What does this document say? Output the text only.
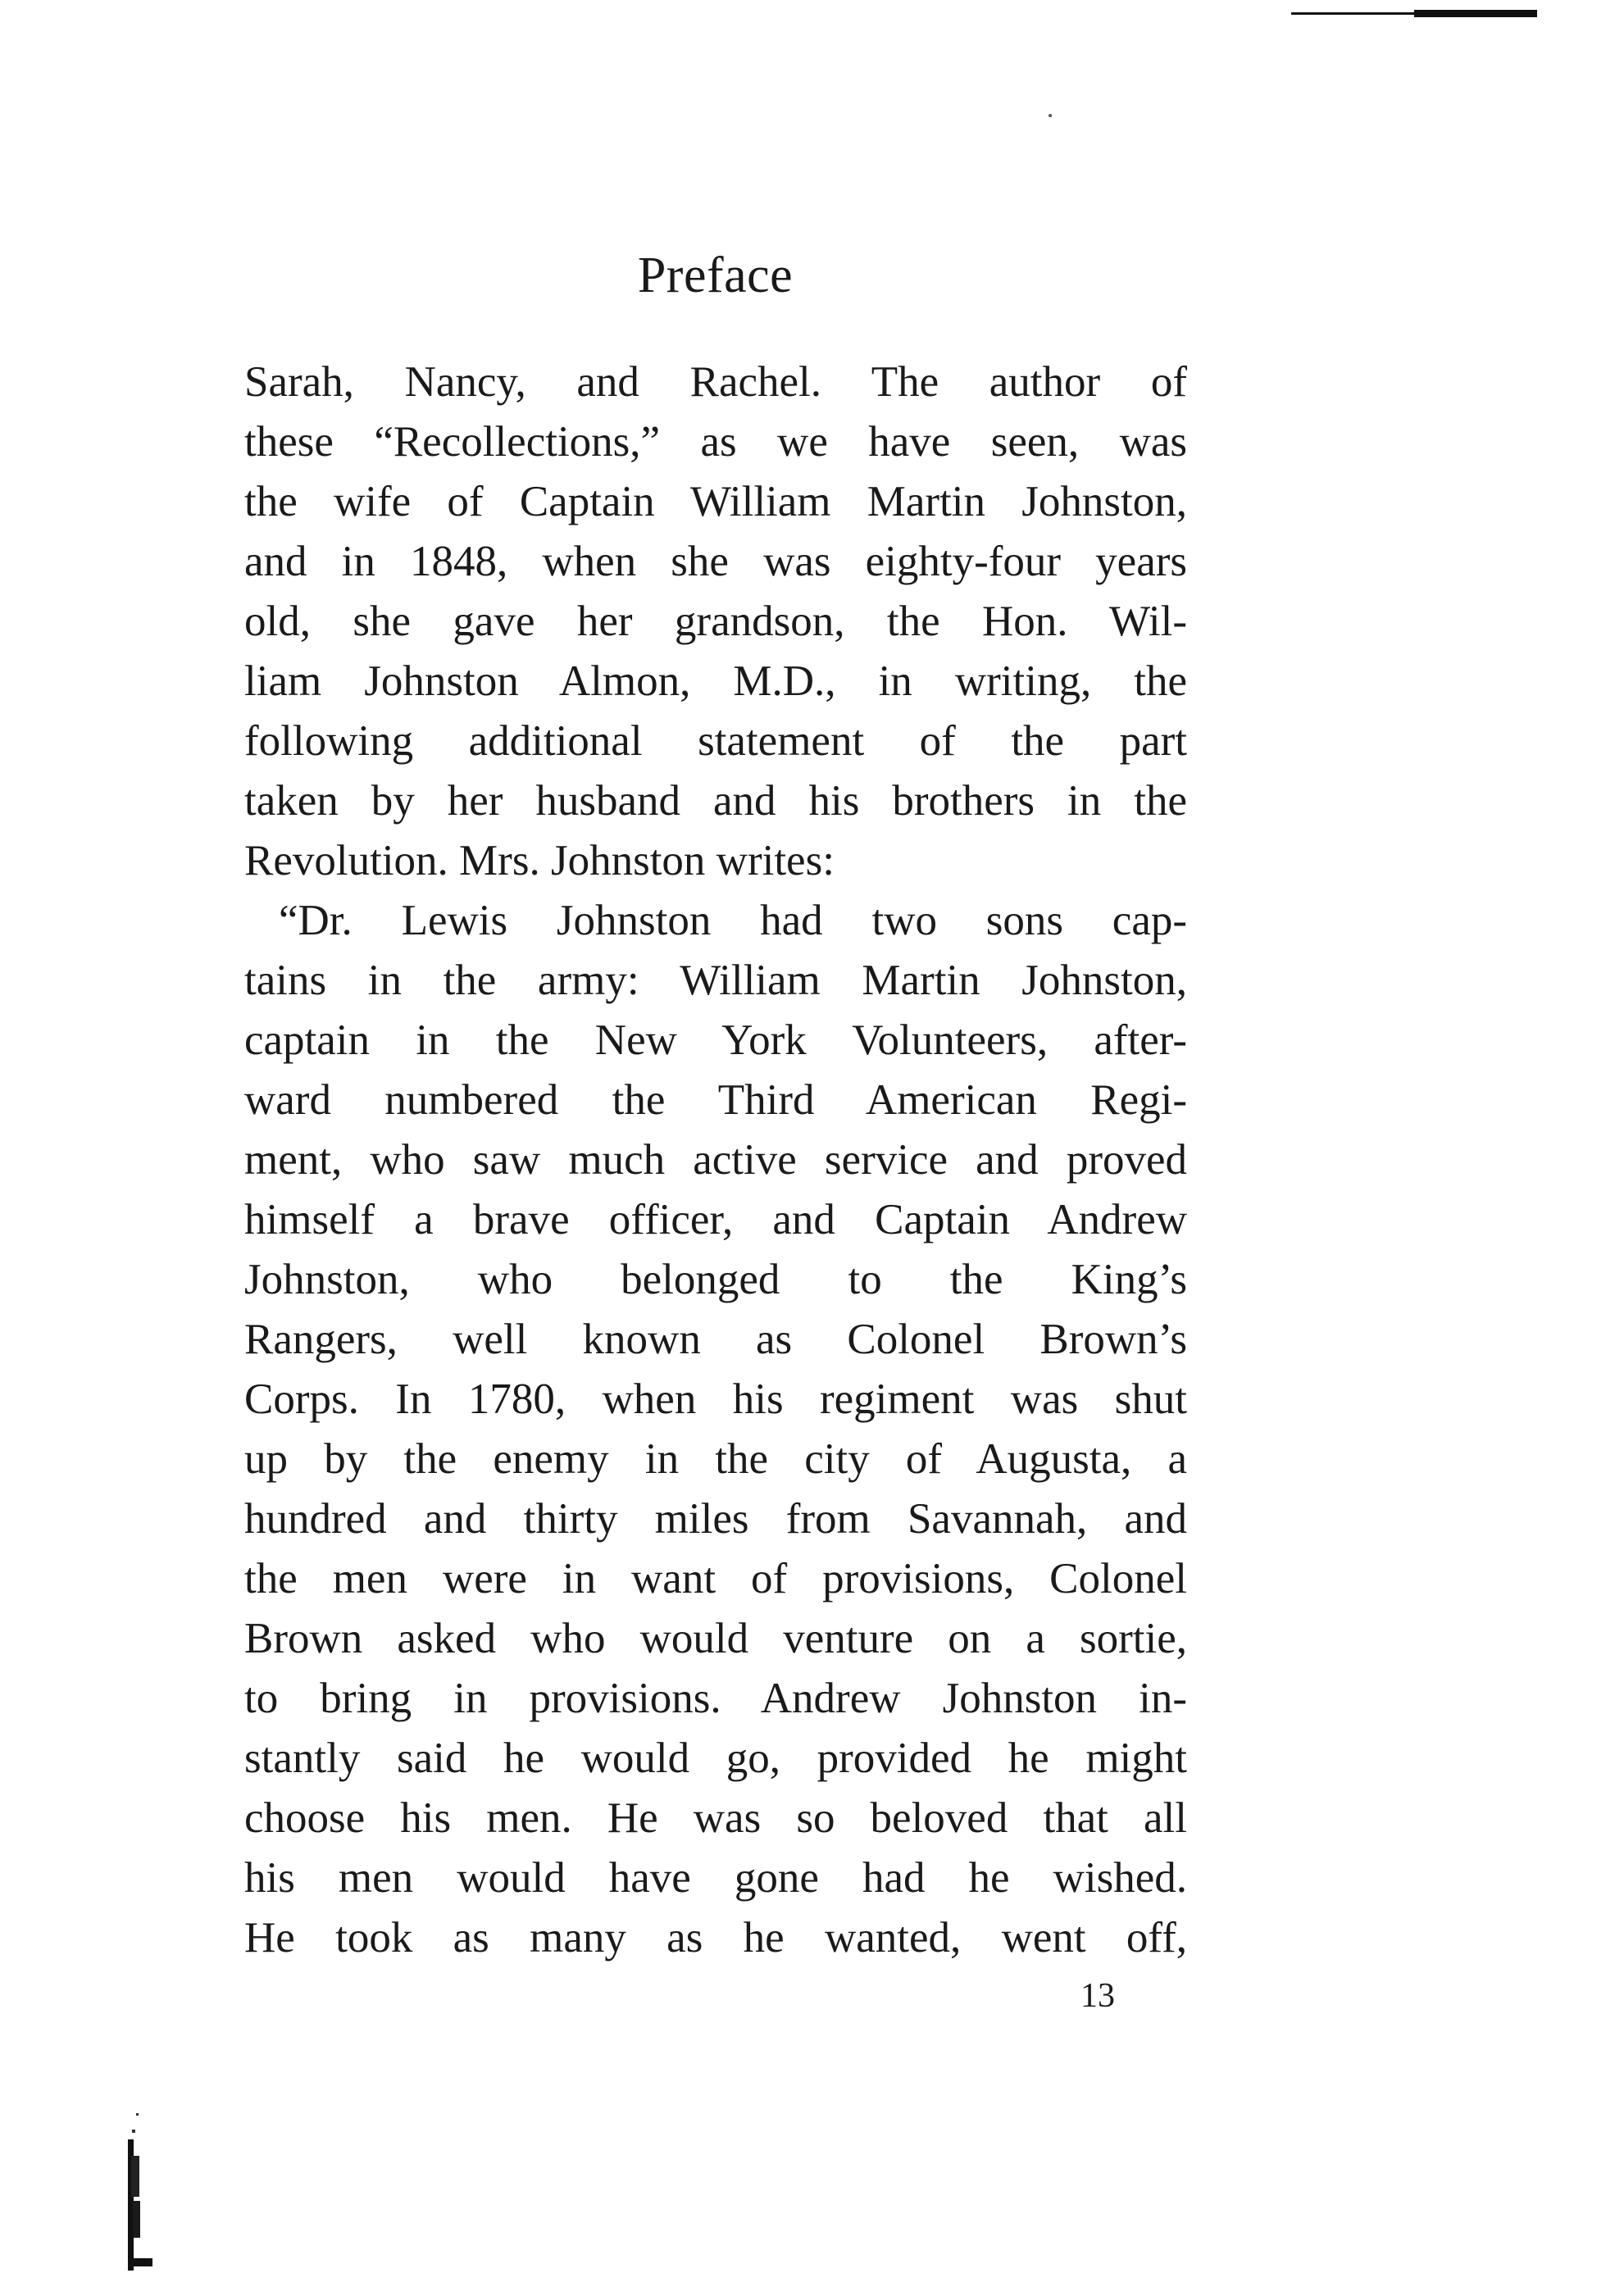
Preface
Sarah, Nancy, and Rachel. The author of
these “Recollections,” as we have seen, was
the wife of Captain William Martin Johnston,
and in 1848, when she was eighty-four years
old, she gave her grandson, the Hon. Wil-
liam Johnston Almon, M.D., in writing, the
following additional statement of the part
taken by her husband and his brothers in the
Revolution. Mrs. Johnston writes:
“Dr. Lewis Johnston had two sons cap-
tains in the army: William Martin Johnston,
captain in the New York Volunteers, after-
ward numbered the Third American Regi-
ment, who saw much active service and proved
himself a brave officer, and Captain Andrew
Johnston, who belonged to the King’s
Rangers, well known as Colonel Brown’s
Corps. In 1780, when his regiment was shut
up by the enemy in the city of Augusta, a
hundred and thirty miles from Savannah, and
the men were in want of provisions, Colonel
Brown asked who would venture on a sortie,
to bring in provisions. Andrew Johnston in-
stantly said he would go, provided he might
choose his men. He was so beloved that all
his men would have gone had he wished.
He took as many as he wanted, went off,
13
